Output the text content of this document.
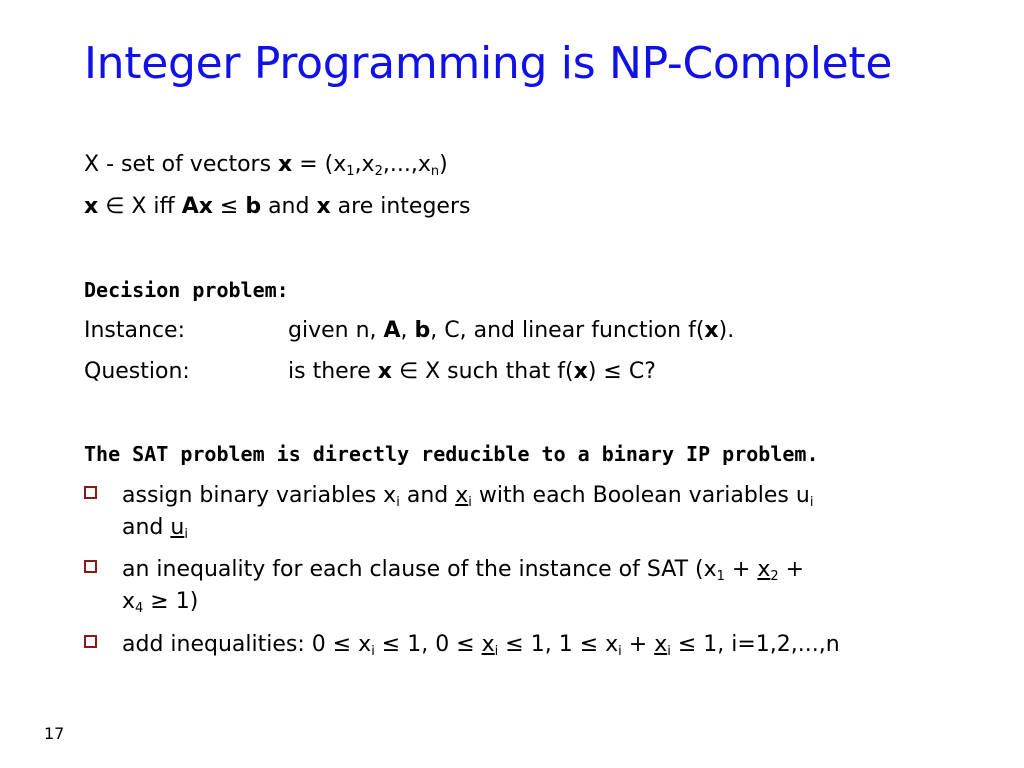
Integer Programming is NP-Complete
X - set of vectors $x = (x_1,x_2,...,x_n)$
x ∈ X iff Ax ≤ b and x are integers
Decision problem:
Instance:	given n, A, b, C, and linear function f(x).
Question:	is there x ∈ X such that f(x) ≤ C?
The SAT problem is directly reducible to a binary IP problem.
assign binary variables $x_i$ and $x_i$ with each Boolean variables $u_i$
and $u_i$
an inequality for each clause of the instance of SAT ($x_1 + x_2$ +
$x_4 \ge 1$)
add inequalities: $0 \le x_i \le 1$, $0 \le x_i \le 1$, $1 \le x_i + x_i \le 1$, i=1,2,...,n
17
